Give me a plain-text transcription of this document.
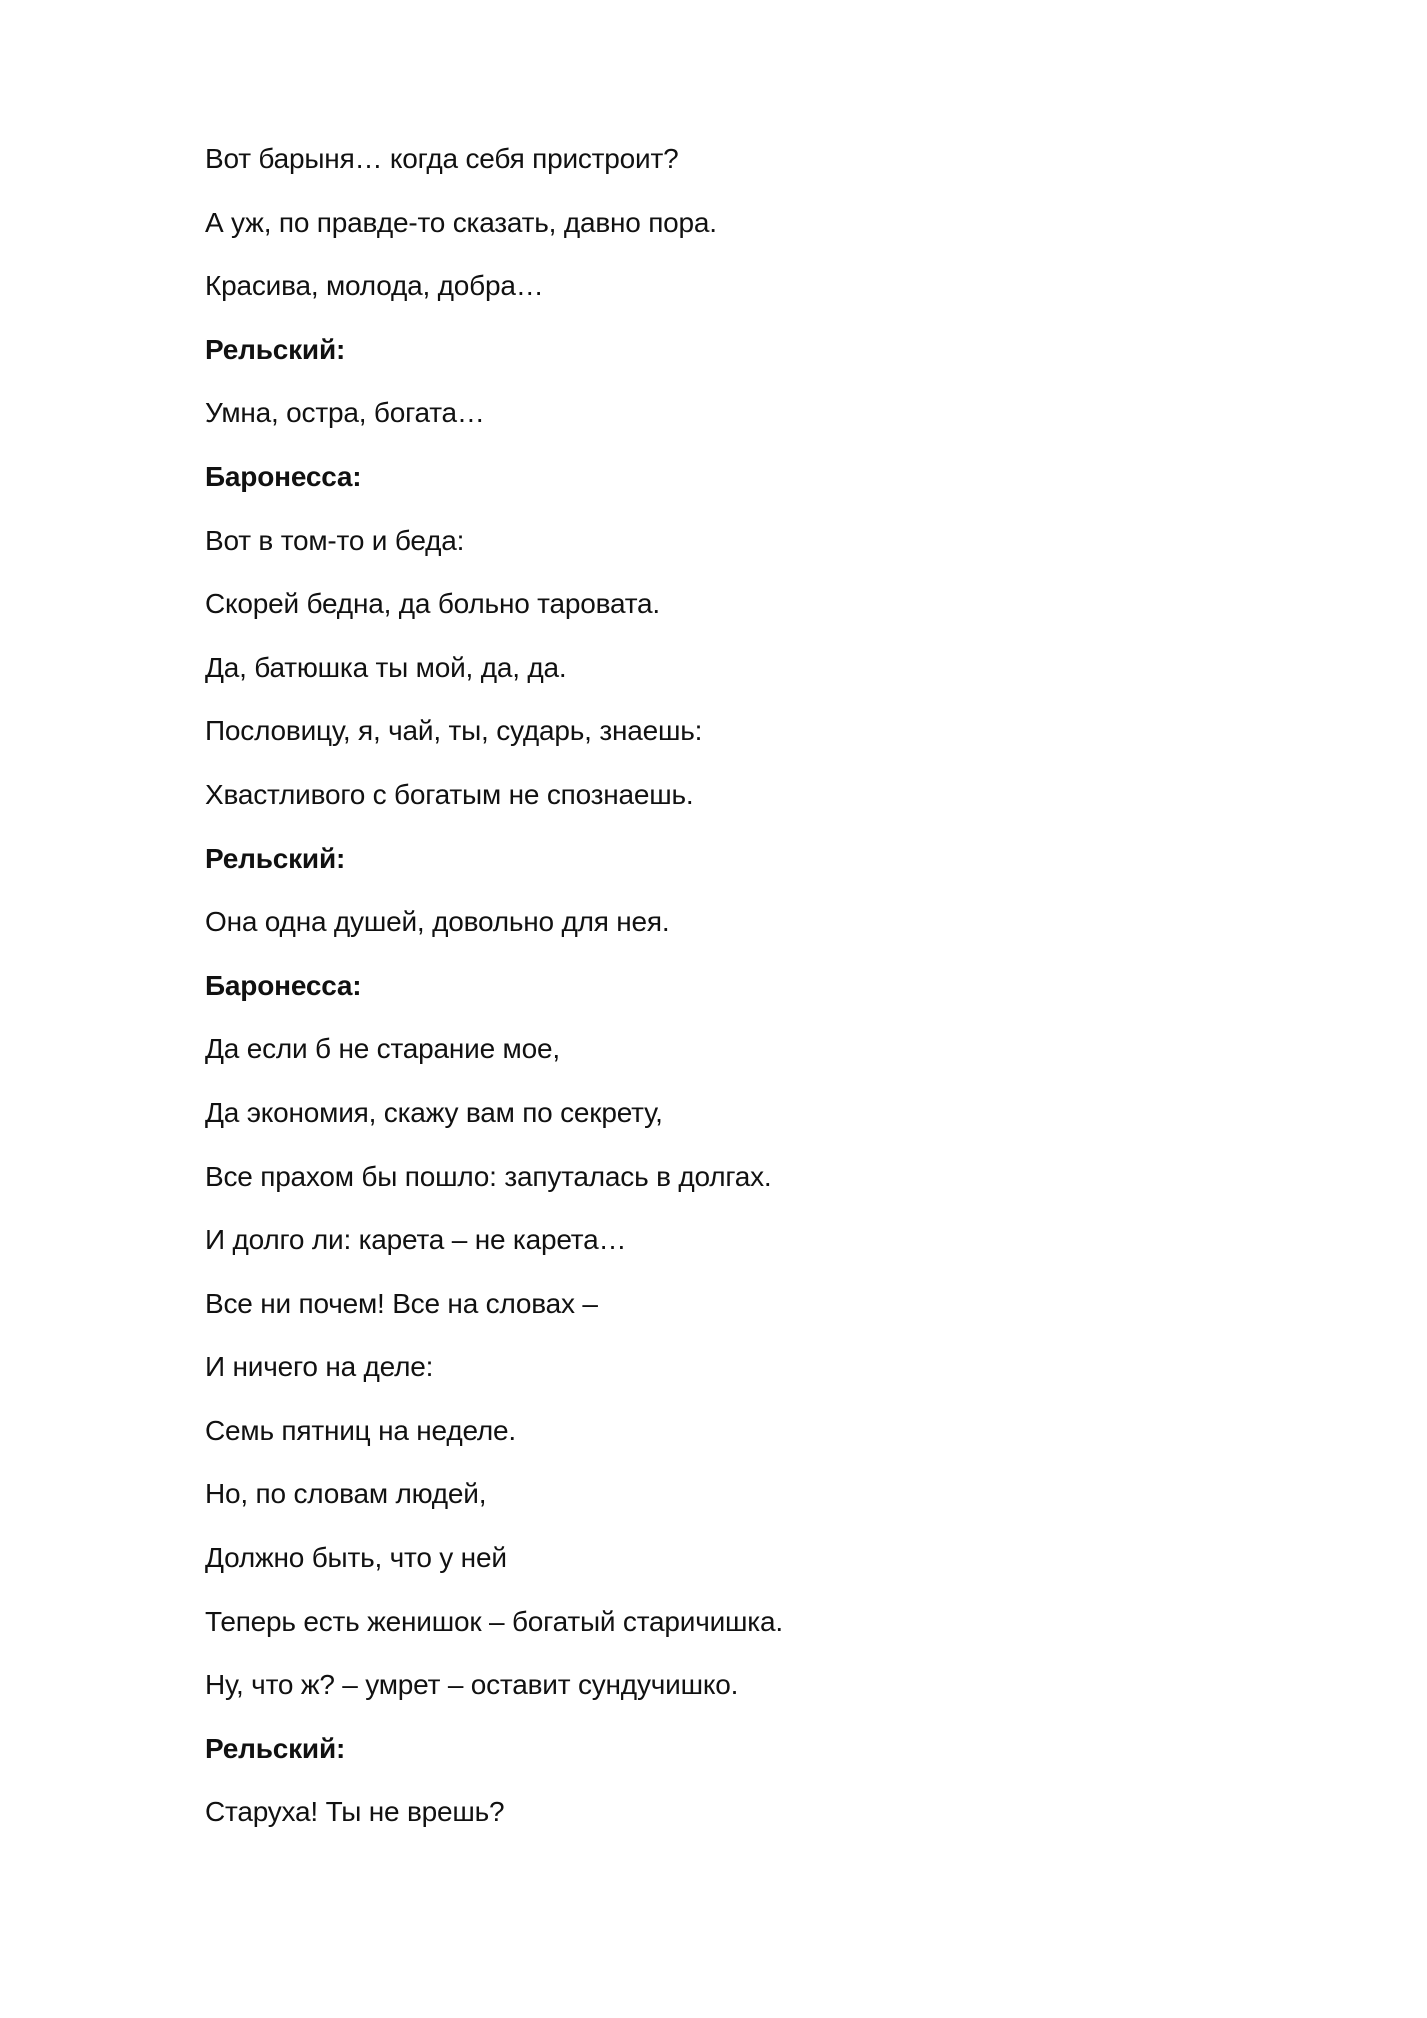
Вот барыня… когда себя пристроит?
А уж, по правде-то сказать, давно пора.
Красива, молода, добра…
Рельский:
Умна, остра, богата…
Баронесса:
Вот в том-то и беда:
Скорей бедна, да больно таровата.
Да, батюшка ты мой, да, да.
Пословицу, я, чай, ты, сударь, знаешь:
Хвастливого с богатым не спознаешь.
Рельский:
Она одна душей, довольно для нея.
Баронесса:
Да если б не старание мое,
Да экономия, скажу вам по секрету,
Все прахом бы пошло: запуталась в долгах.
И долго ли: карета – не карета…
Все ни почем! Все на словах –
И ничего на деле:
Семь пятниц на неделе.
Но, по словам людей,
Должно быть, что у ней
Теперь есть женишок – богатый старичишка.
Ну, что ж? – умрет – оставит сундучишко.
Рельский:
Старуха! Ты не врешь?
